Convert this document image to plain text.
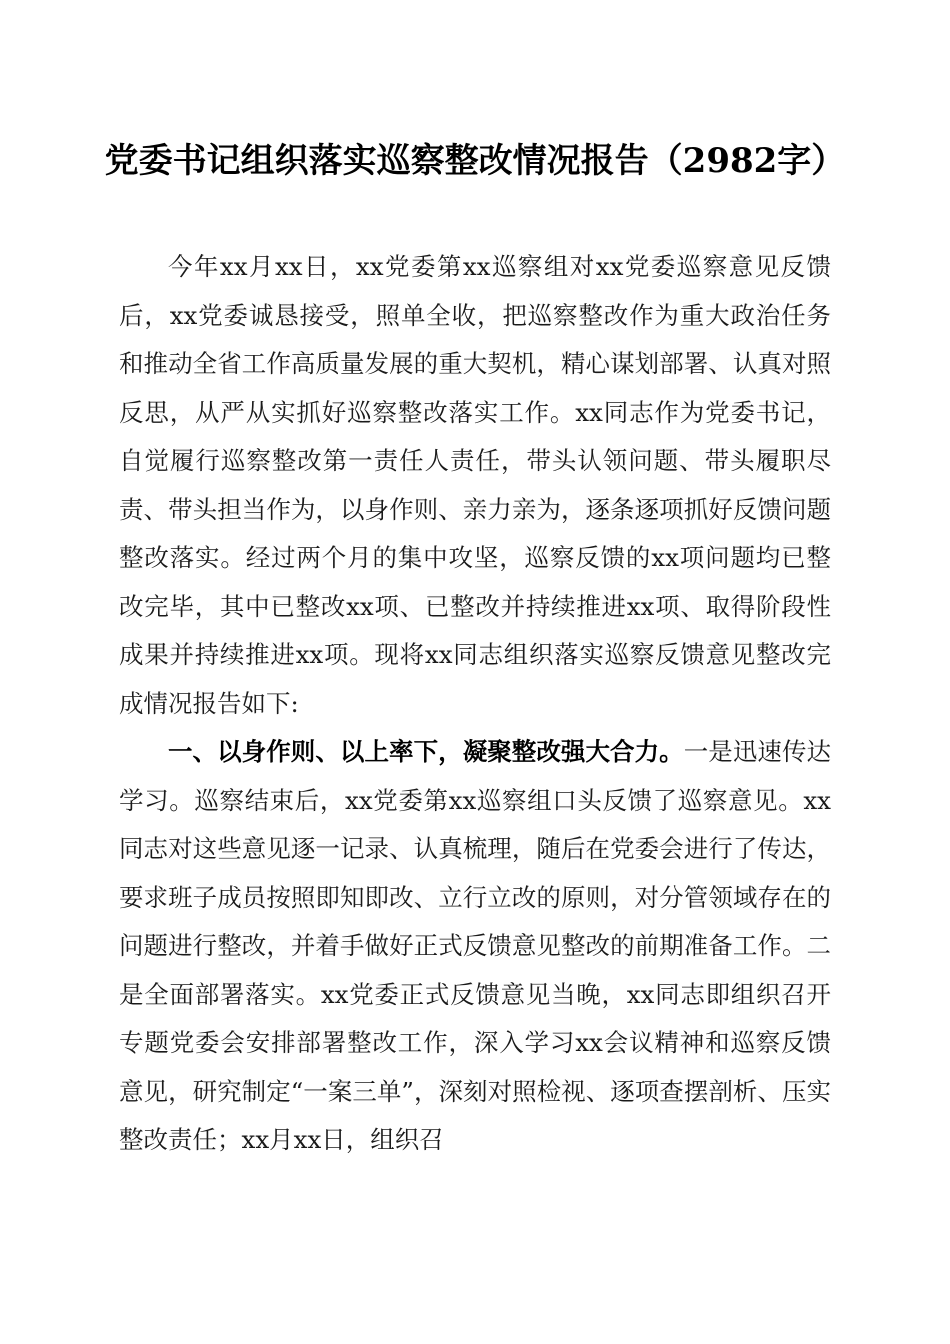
党委书记组织落实巡察整改情况报告（2982字）

今年xx月xx日，xx党委第xx巡察组对xx党委巡察意见反馈后，xx党委诚恳接受，照单全收，把巡察整改作为重大政治任务和推动全省工作高质量发展的重大契机，精心谋划部署、认真对照反思，从严从实抓好巡察整改落实工作。xx同志作为党委书记，自觉履行巡察整改第一责任人责任，带头认领问题、带头履职尽责、带头担当作为，以身作则、亲力亲为，逐条逐项抓好反馈问题整改落实。经过两个月的集中攻坚，巡察反馈的xx项问题均已整改完毕，其中已整改xx项、已整改并持续推进xx项、取得阶段性成果并持续推进xx项。现将xx同志组织落实巡察反馈意见整改完成情况报告如下:

一、以身作则、以上率下，凝聚整改强大合力。一是迅速传达学习。巡察结束后，xx党委第xx巡察组口头反馈了巡察意见。xx同志对这些意见逐一记录、认真梳理，随后在党委会进行了传达，要求班子成员按照即知即改、立行立改的原则，对分管领域存在的问题进行整改，并着手做好正式反馈意见整改的前期准备工作。二是全面部署落实。xx党委正式反馈意见当晚，xx同志即组织召开专题党委会安排部署整改工作，深入学习xx会议精神和巡察反馈意见，研究制定“一案三单”，深刻对照检视、逐项查摆剖析、压实整改责任；xx月xx日，组织召
